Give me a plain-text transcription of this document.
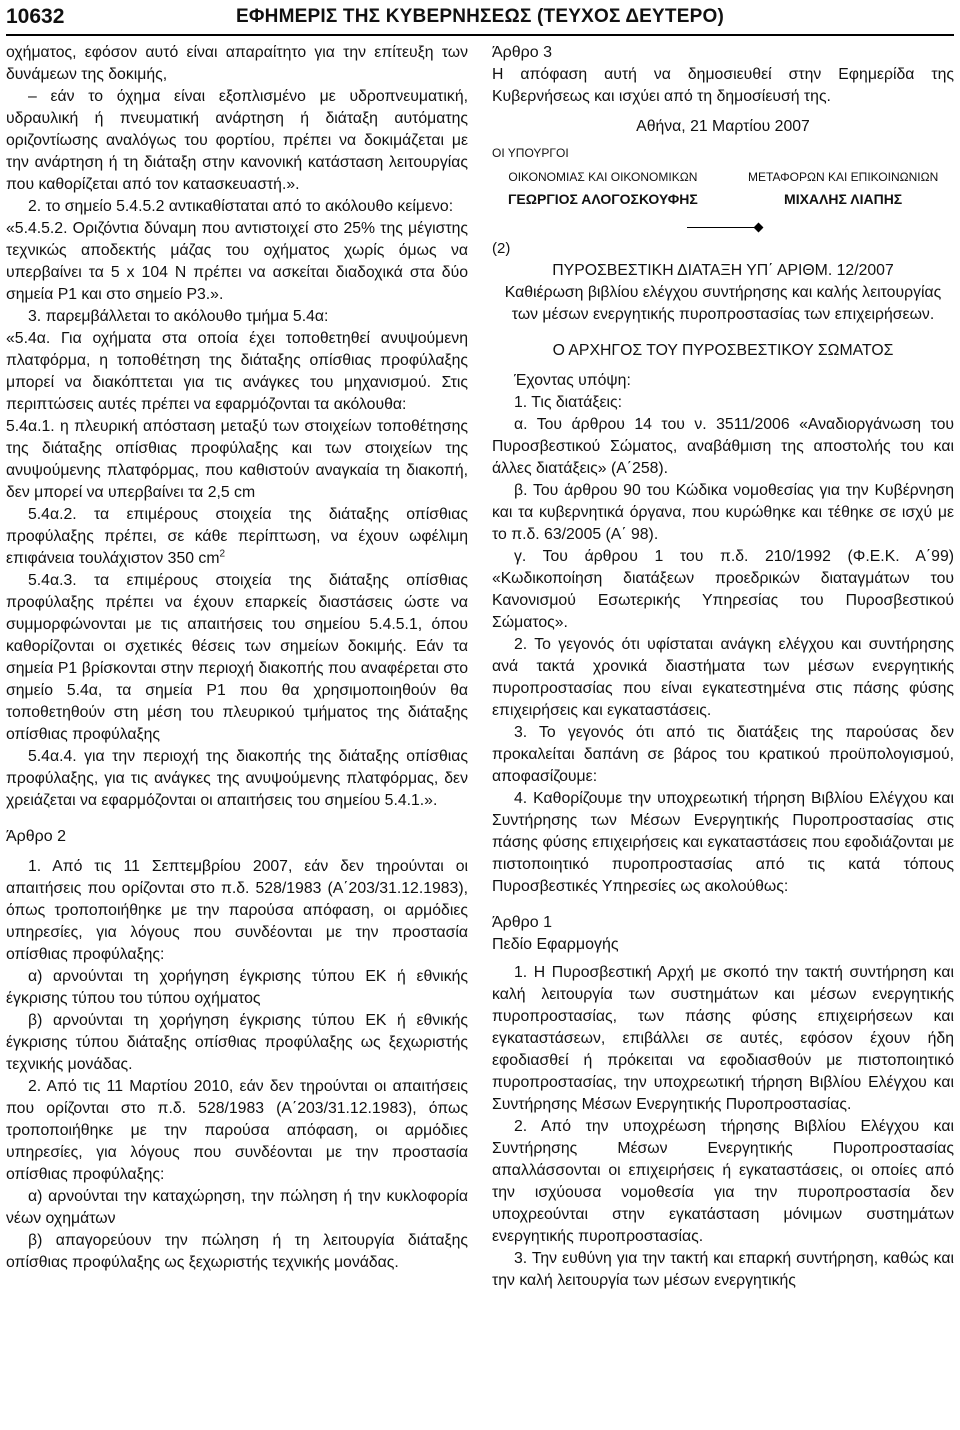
10632	ΕΦΗΜΕΡΙΣ ΤΗΣ ΚΥΒΕΡΝΗΣΕΩΣ (ΤΕΥΧΟΣ ΔΕΥΤΕΡΟ)

οχήματος, εφόσον αυτό είναι απαραίτητο για την επίτευξη των δυνάμεων της δοκιμής,

– εάν το όχημα είναι εξοπλισμένο με υδροπνευματική, υδραυλική ή πνευματική ανάρτηση ή διάταξη αυτόματης οριζοντίωσης αναλόγως του φορτίου, πρέπει να δοκιμάζεται με την ανάρτηση ή τη διάταξη στην κανονική κατάσταση λειτουργίας που καθορίζεται από τον κατασκευαστή.».

2. το σημείο 5.4.5.2 αντικαθίσταται από το ακόλουθο κείμενο:

«5.4.5.2. Οριζόντια δύναμη που αντιστοιχεί στο 25% της μέγιστης τεχνικώς αποδεκτής μάζας του οχήματος χωρίς όμως να υπερβαίνει τα 5 x 104 Ν πρέπει να ασκείται διαδοχικά στα δύο σημεία Ρ1 και στο σημείο Ρ3.».

3. παρεμβάλλεται το ακόλουθο τμήμα 5.4α:

«5.4α. Για οχήματα στα οποία έχει τοποθετηθεί ανυψούμενη πλατφόρμα, η τοποθέτηση της διάταξης οπίσθιας προφύλαξης μπορεί να διακόπτεται για τις ανάγκες του μηχανισμού. Στις περιπτώσεις αυτές πρέπει να εφαρμόζονται τα ακόλουθα:

5.4α.1. η πλευρική απόσταση μεταξύ των στοιχείων τοποθέτησης της διάταξης οπίσθιας προφύλαξης και των στοιχείων της ανυψούμενης πλατφόρμας, που καθιστούν αναγκαία τη διακοπή, δεν μπορεί να υπερβαίνει τα 2,5 cm

5.4α.2. τα επιμέρους στοιχεία της διάταξης οπίσθιας προφύλαξης πρέπει, σε κάθε περίπτωση, να έχουν ωφέλιμη επιφάνεια τουλάχιστον 350 $cm^2$

5.4α.3. τα επιμέρους στοιχεία της διάταξης οπίσθιας προφύλαξης πρέπει να έχουν επαρκείς διαστάσεις ώστε να συμμορφώνονται με τις απαιτήσεις του σημείου 5.4.5.1, όπου καθορίζονται οι σχετικές θέσεις των σημείων δοκιμής. Εάν τα σημεία Ρ1 βρίσκονται στην περιοχή διακοπής που αναφέρεται στο σημείο 5.4α, τα σημεία Ρ1 που θα χρησιμοποιηθούν θα τοποθετηθούν στη μέση του πλευρικού τμήματος της διάταξης οπίσθιας προφύλαξης

5.4α.4. για την περιοχή της διακοπής της διάταξης οπίσθιας προφύλαξης, για τις ανάγκες της ανυψούμενης πλατφόρμας, δεν χρειάζεται να εφαρμόζονται οι απαιτήσεις του σημείου 5.4.1.».

Άρθρο 2

1. Από τις 11 Σεπτεμβρίου 2007, εάν δεν τηρούνται οι απαιτήσεις που ορίζονται στο π.δ. 528/1983 (Α΄203/31.12.1983), όπως τροποποιήθηκε με την παρούσα απόφαση, οι αρμόδιες υπηρεσίες, για λόγους που συνδέονται με την προστασία οπίσθιας προφύλαξης:

α) αρνούνται τη χορήγηση έγκρισης τύπου ΕΚ ή εθνικής έγκρισης τύπου του τύπου οχήματος

β) αρνούνται τη χορήγηση έγκρισης τύπου ΕΚ ή εθνικής έγκρισης τύπου διάταξης οπίσθιας προφύλαξης ως ξεχωριστής τεχνικής μονάδας.

2. Από τις 11 Μαρτίου 2010, εάν δεν τηρούνται οι απαιτήσεις που ορίζονται στο π.δ. 528/1983 (Α΄203/31.12.1983), όπως τροποποιήθηκε με την παρούσα απόφαση, οι αρμόδιες υπηρεσίες, για λόγους που συνδέονται με την προστασία οπίσθιας προφύλαξης:

α) αρνούνται την καταχώρηση, την πώληση ή την κυκλοφορία νέων οχημάτων

β) απαγορεύουν την πώληση ή τη λειτουργία διάταξης οπίσθιας προφύλαξης ως ξεχωριστής τεχνικής μονάδας.

Άρθρο 3

Η απόφαση αυτή να δημοσιευθεί στην Εφημερίδα της Κυβερνήσεως και ισχύει από τη δημοσίευσή της.

Αθήνα, 21 Μαρτίου 2007

ΟΙ ΥΠΟΥΡΓΟΙ

ΟΙΚΟΝΟΜΙΑΣ ΚΑΙ ΟΙΚΟΝΟΜΙΚΩΝ
ΓΕΩΡΓΙΟΣ ΑΛΟΓΟΣΚΟΥΦΗΣ
ΜΕΤΑΦΟΡΩΝ ΚΑΙ ΕΠΙΚΟΙΝΩΝΙΩΝ
ΜΙΧΑΛΗΣ ΛΙΑΠΗΣ

(2)

ΠΥΡΟΣΒΕΣΤΙΚΗ ΔΙΑΤΑΞΗ ΥΠ΄ ΑΡΙΘΜ. 12/2007

Καθιέρωση βιβλίου ελέγχου συντήρησης και καλής λειτουργίας των μέσων ενεργητικής πυροπροστασίας των επιχειρήσεων.

Ο ΑΡΧΗΓΟΣ ΤΟΥ ΠΥΡΟΣΒΕΣΤΙΚΟΥ ΣΩΜΑΤΟΣ

Έχοντας υπόψη:

1. Τις διατάξεις:

α. Του άρθρου 14 του ν. 3511/2006 «Αναδιοργάνωση του Πυροσβεστικού Σώματος, αναβάθμιση της αποστολής του και άλλες διατάξεις» (Α΄258).

β. Του άρθρου 90 του Κώδικα νομοθεσίας για την Κυβέρνηση και τα κυβερνητικά όργανα, που κυρώθηκε και τέθηκε σε ισχύ με το π.δ. 63/2005 (Α΄ 98).

γ. Του άρθρου 1 του π.δ. 210/1992 (Φ.Ε.Κ. Α΄99) «Κωδικοποίηση διατάξεων προεδρικών διαταγμάτων του Κανονισμού Εσωτερικής Υπηρεσίας του Πυροσβεστικού Σώματος».

2. Το γεγονός ότι υφίσταται ανάγκη ελέγχου και συντήρησης ανά τακτά χρονικά διαστήματα των μέσων ενεργητικής πυροπροστασίας που είναι εγκατεστημένα στις πάσης φύσης επιχειρήσεις και εγκαταστάσεις.

3. Το γεγονός ότι από τις διατάξεις της παρούσας δεν προκαλείται δαπάνη σε βάρος του κρατικού προϋπολογισμού, αποφασίζουμε:

4. Καθορίζουμε την υποχρεωτική τήρηση Βιβλίου Ελέγχου και Συντήρησης των Μέσων Ενεργητικής Πυροπροστασίας στις πάσης φύσης επιχειρήσεις και εγκαταστάσεις που εφοδιάζονται με πιστοποιητικό πυροπροστασίας από τις κατά τόπους Πυροσβεστικές Υπηρεσίες ως ακολούθως:

Άρθρο 1

Πεδίο Εφαρμογής

1. Η Πυροσβεστική Αρχή με σκοπό την τακτή συντήρηση και καλή λειτουργία των συστημάτων και μέσων ενεργητικής πυροπροστασίας, των πάσης φύσης επιχειρήσεων και εγκαταστάσεων, επιβάλλει σε αυτές, εφόσον έχουν ήδη εφοδιασθεί ή πρόκειται να εφοδιασθούν με πιστοποιητικό πυροπροστασίας, την υποχρεωτική τήρηση Βιβλίου Ελέγχου και Συντήρησης Μέσων Ενεργητικής Πυροπροστασίας.

2. Από την υποχρέωση τήρησης Βιβλίου Ελέγχου και Συντήρησης Μέσων Ενεργητικής Πυροπροστασίας απαλλάσσονται οι επιχειρήσεις ή εγκαταστάσεις, οι οποίες από την ισχύουσα νομοθεσία για την πυροπροστασία δεν υποχρεούνται στην εγκατάσταση μόνιμων συστημάτων ενεργητικής πυροπροστασίας.

3. Την ευθύνη για την τακτή και επαρκή συντήρηση, καθώς και την καλή λειτουργία των μέσων ενεργητικής
